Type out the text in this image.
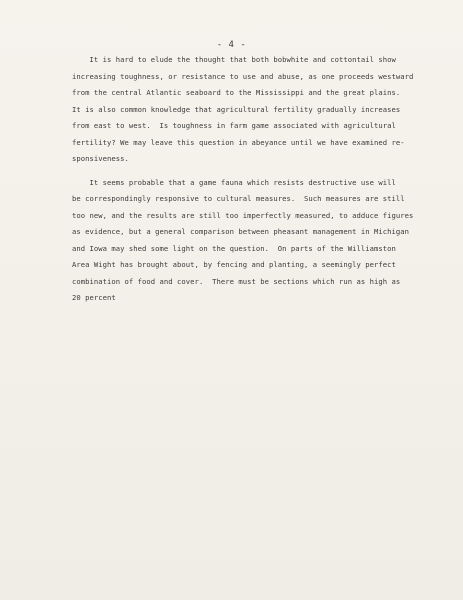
- 4 -
It is hard to elude the thought that both bobwhite and cottontail show
increasing toughness, or resistance to use and abuse, as one proceeds westward
from the central Atlantic seaboard to the Mississippi and the great plains.
It is also common knowledge that agricultural fertility gradually increases
from east to west.  Is toughness in farm game associated with agricultural
fertility? We may leave this question in abeyance until we have examined re-
sponsiveness.
It seems probable that a game fauna which resists destructive use will
be correspondingly responsive to cultural measures.  Such measures are still
too new, and the results are still too imperfectly measured, to adduce figures
as evidence, but a general comparison between pheasant management in Michigan
and Iowa may shed some light on the question.  On parts of the Williamston
Area Wight has brought about, by fencing and planting, a seemingly perfect
combination of food and cover.  There must be sections which run as high as
20 percent
